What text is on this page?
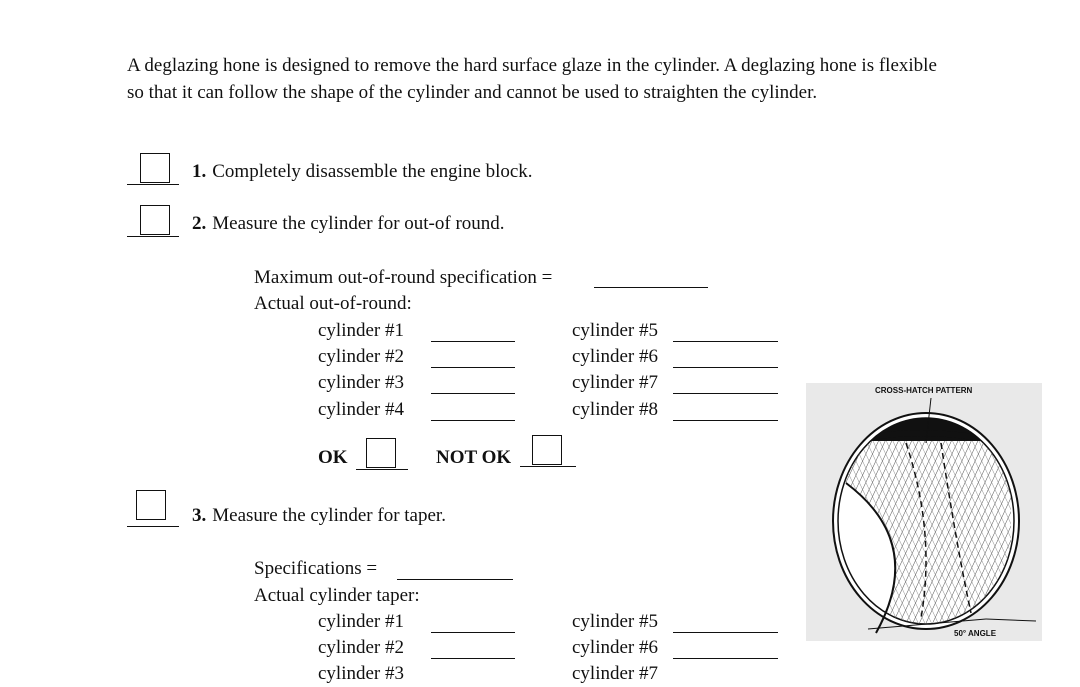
A deglazing hone is designed to remove the hard surface glaze in the cylinder. A deglazing hone is flexible so that it can follow the shape of the cylinder and cannot be used to straighten the cylinder.

1. Completely disassemble the engine block.
2. Measure the cylinder for out-of round.
Maximum out-of-round specification =
Actual out-of-round:
cylinder #1
cylinder #2
cylinder #3
cylinder #4
cylinder #5
cylinder #6
cylinder #7
cylinder #8
OK	NOT OK
3. Measure the cylinder for taper.
Specifications =
Actual cylinder taper:
cylinder #1
cylinder #2
cylinder #3
cylinder #5
cylinder #6
cylinder #7
CROSS-HATCH PATTERN
50° ANGLE
